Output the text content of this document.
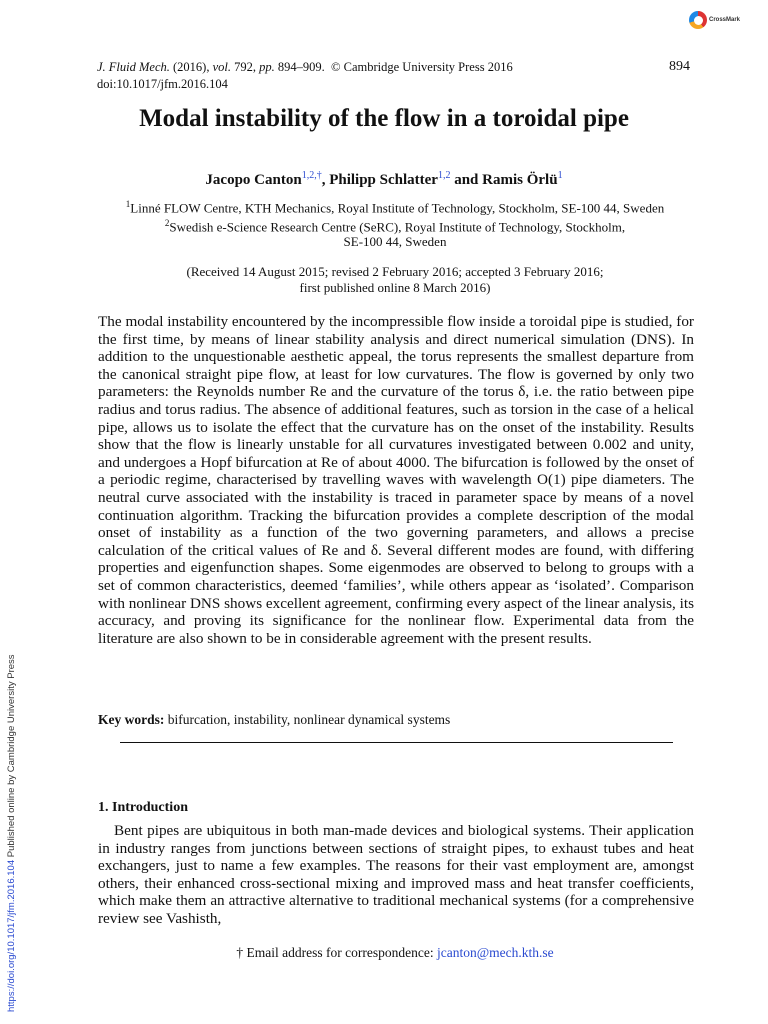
CrossMark
J. Fluid Mech. (2016), vol. 792, pp. 894–909. © Cambridge University Press 2016
doi:10.1017/jfm.2016.104
894
Modal instability of the flow in a toroidal pipe
Jacopo Canton$^{1,2,\dagger}$, Philipp Schlatter$^{1,2}$ and Ramis Örlü$^1$
$^1$Linné FLOW Centre, KTH Mechanics, Royal Institute of Technology, Stockholm, SE-100 44, Sweden
$^2$Swedish e-Science Research Centre (SeRC), Royal Institute of Technology, Stockholm,
SE-100 44, Sweden
(Received 14 August 2015; revised 2 February 2016; accepted 3 February 2016;
first published online 8 March 2016)
The modal instability encountered by the incompressible flow inside a toroidal pipe is studied, for the first time, by means of linear stability analysis and direct numerical simulation (DNS). In addition to the unquestionable aesthetic appeal, the torus represents the smallest departure from the canonical straight pipe flow, at least for low curvatures. The flow is governed by only two parameters: the Reynolds number Re and the curvature of the torus δ, i.e. the ratio between pipe radius and torus radius. The absence of additional features, such as torsion in the case of a helical pipe, allows us to isolate the effect that the curvature has on the onset of the instability. Results show that the flow is linearly unstable for all curvatures investigated between 0.002 and unity, and undergoes a Hopf bifurcation at Re of about 4000. The bifurcation is followed by the onset of a periodic regime, characterised by travelling waves with wavelength O(1) pipe diameters. The neutral curve associated with the instability is traced in parameter space by means of a novel continuation algorithm. Tracking the bifurcation provides a complete description of the modal onset of instability as a function of the two governing parameters, and allows a precise calculation of the critical values of Re and δ. Several different modes are found, with differing properties and eigenfunction shapes. Some eigenmodes are observed to belong to groups with a set of common characteristics, deemed ‘families’, while others appear as ‘isolated’. Comparison with nonlinear DNS shows excellent agreement, confirming every aspect of the linear analysis, its accuracy, and proving its significance for the nonlinear flow. Experimental data from the literature are also shown to be in considerable agreement with the present results.
Key words: bifurcation, instability, nonlinear dynamical systems
1. Introduction
Bent pipes are ubiquitous in both man-made devices and biological systems. Their application in industry ranges from junctions between sections of straight pipes, to exhaust tubes and heat exchangers, just to name a few examples. The reasons for their vast employment are, amongst others, their enhanced cross-sectional mixing and improved mass and heat transfer coefficients, which make them an attractive alternative to traditional mechanical systems (for a comprehensive review see Vashisth,
† Email address for correspondence: jcanton@mech.kth.se
https://doi.org/10.1017/jfm.2016.104 Published online by Cambridge University Press
